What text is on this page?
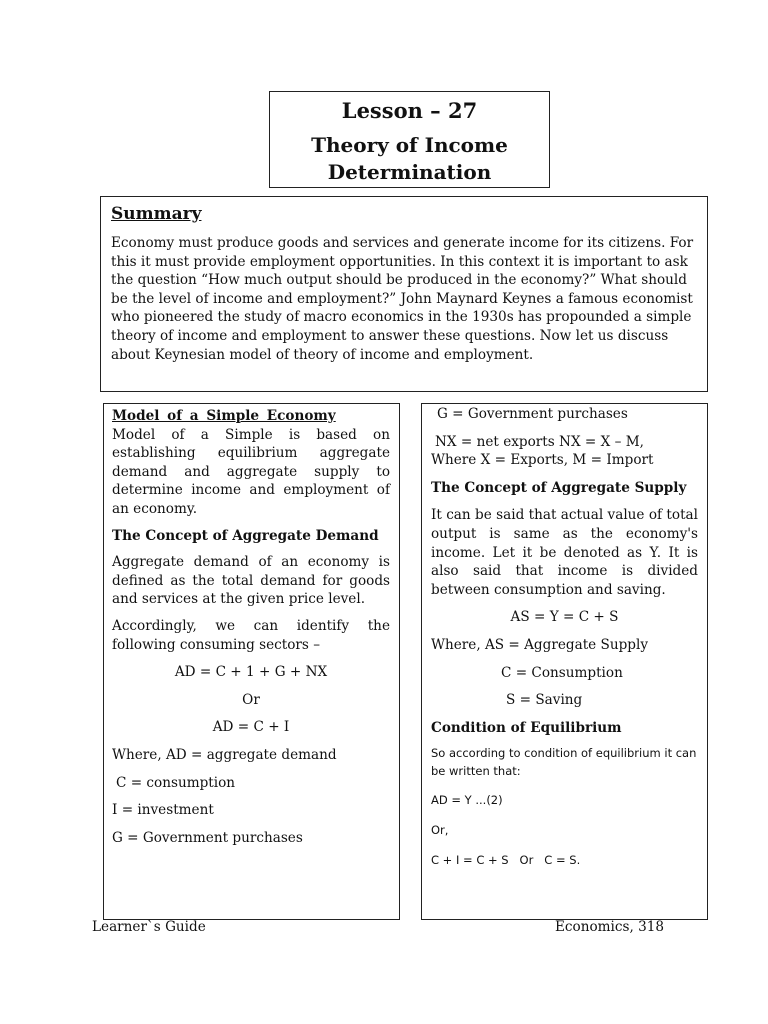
Lesson – 27
Theory of Income Determination
Summary
Economy must produce goods and services and generate income for its citizens. For this it must provide employment opportunities. In this context it is important to ask the question “How much output should be produced in the economy?” What should be the level of income and employment?” John Maynard Keynes a famous economist who pioneered the study of macro economics in the 1930s has propounded a simple theory of income and employment to answer these questions. Now let us discuss about Keynesian model of theory of income and employment.

Model of a Simple Economy

Model of a Simple is based on establishing equilibrium aggregate demand and aggregate supply to determine income and employment of an economy.

The Concept of Aggregate Demand

Aggregate demand of an economy is defined as the total demand for goods and services at the given price level.

Accordingly, we can identify the following consuming sectors –

AD = C + 1 + G + NX

Or

AD = C + I

Where, AD = aggregate demand

C = consumption

I = investment

G = Government purchases

G = Government purchases

NX = net exports NX = X – M,

Where X = Exports, M = Import

The Concept of Aggregate Supply

It can be said that actual value of total output is same as the economy's income. Let it be denoted as Y. It is also said that income is divided between consumption and saving.

AS = Y = C + S

Where, AS = Aggregate Supply

C = Consumption

S = Saving

Condition of Equilibrium

So according to condition of equilibrium it can be written that:

AD = Y ...(2)

Or,

C + I = C + S   Or   C = S.

Learner`s Guide	Economics, 318
